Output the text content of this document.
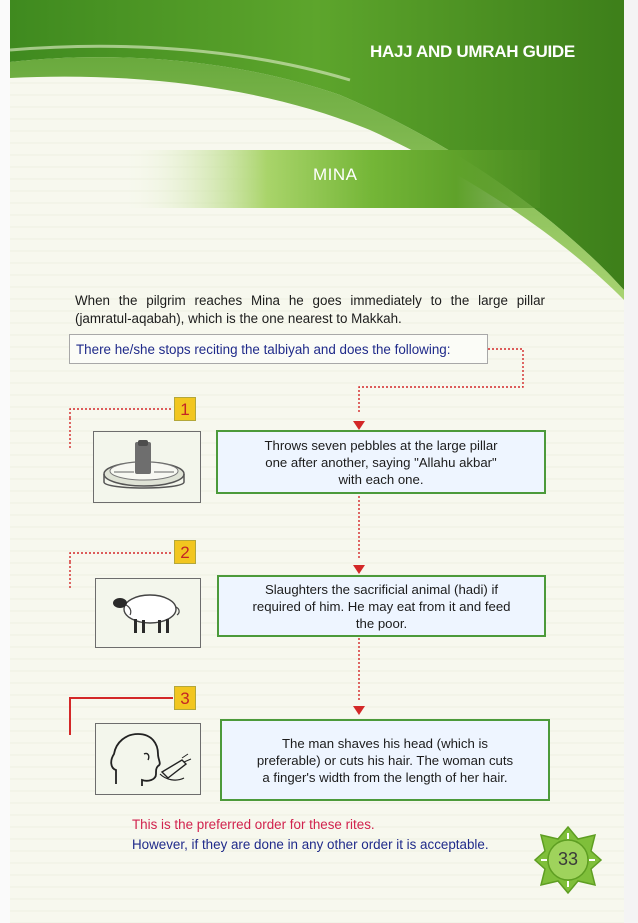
HAJJ AND UMRAH GUIDE
MINA
When the pilgrim reaches Mina he goes immediately to the large pillar (jamratul-aqabah), which is the one nearest to Makkah.
There he/she stops reciting the talbiyah and does the following:
1
Throws seven pebbles at the large pillar one after another, saying "Allahu akbar" with each one.
2
Slaughters the sacrificial animal (hadi) if required of him. He may eat from it and feed the poor.
3
The man shaves his head (which is preferable) or cuts his hair. The woman cuts a finger's width from the length of her hair.
This is the preferred order for these rites.
However, if they are done in any other order it is acceptable.
33
